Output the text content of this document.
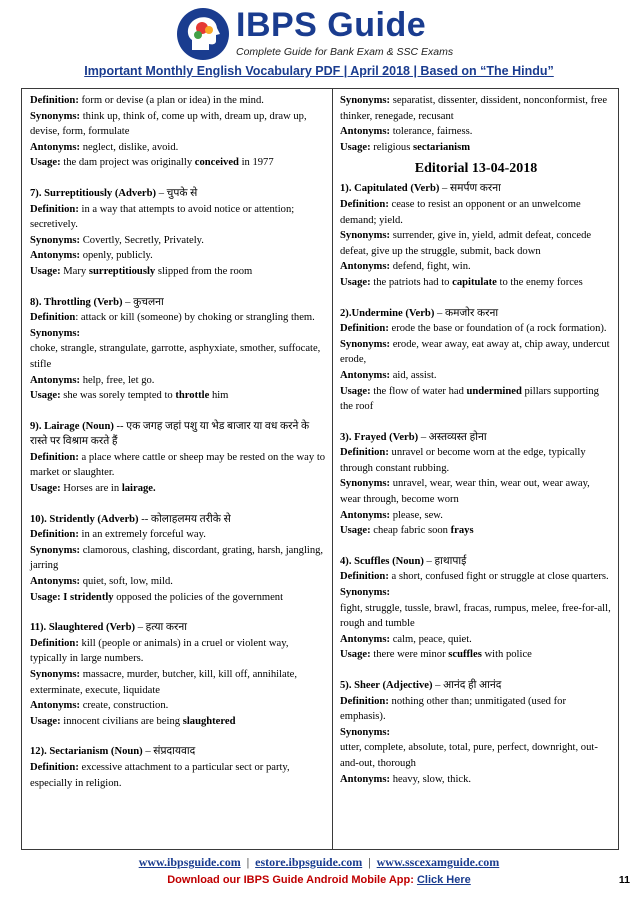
IBPS Guide
Complete Guide for Bank Exam & SSC Exams
Important Monthly English Vocabulary PDF | April 2018 | Based on “The Hindu”

Definition: form or devise (a plan or idea) in the mind.

Synonyms: think up, think of, come up with, dream up, draw up, devise, form, formulate

Antonyms: neglect, dislike, avoid.

Usage: the dam project was originally conceived in 1977

7). Surreptitiously (Adverb) – चुपके से

Definition: in a way that attempts to avoid notice or attention; secretively.

Synonyms: Covertly, Secretly, Privately.

Antonyms: openly, publicly.

Usage: Mary surreptitiously slipped from the room

8). Throttling (Verb) – कुचलना

Definition: attack or kill (someone) by choking or strangling them.

Synonyms:

choke, strangle, strangulate, garrotte, asphyxiate, smother, suffocate, stifle

Antonyms: help, free, let go.

Usage: she was sorely tempted to throttle him

9). Lairage (Noun) -- एक जगह जहां पशु या भेड बाजार या वध करने के रास्ते पर विश्राम करते हैं

Definition: a place where cattle or sheep may be rested on the way to market or slaughter.

Usage: Horses are in lairage.

10). Stridently (Adverb) -- कोलाहलमय तरीके से

Definition: in an extremely forceful way.

Synonyms: clamorous, clashing, discordant, grating, harsh, jangling, jarring

Antonyms: quiet, soft, low, mild.

Usage: I stridently opposed the policies of the government

11). Slaughtered (Verb) – हत्या करना

Definition: kill (people or animals) in a cruel or violent way, typically in large numbers.

Synonyms: massacre, murder, butcher, kill, kill off, annihilate, exterminate, execute, liquidate

Antonyms: create, construction.

Usage: innocent civilians are being slaughtered

12). Sectarianism (Noun) – संप्रदायवाद

Definition: excessive attachment to a particular sect or party, especially in religion.

Synonyms: separatist, dissenter, dissident, nonconformist, free thinker, renegade, recusant

Antonyms: tolerance, fairness.

Usage: religious sectarianism

Editorial 13-04-2018

1). Capitulated (Verb) – समर्पण करना

Definition: cease to resist an opponent or an unwelcome demand; yield.

Synonyms: surrender, give in, yield, admit defeat, concede defeat, give up the struggle, submit, back down

Antonyms: defend, fight, win.

Usage: the patriots had to capitulate to the enemy forces

2).Undermine (Verb) – कमजोर करना

Definition: erode the base or foundation of (a rock formation).

Synonyms: erode, wear away, eat away at, chip away, undercut erode,

Antonyms: aid, assist.

Usage: the flow of water had undermined pillars supporting the roof

3). Frayed (Verb) – अस्तव्यस्त होना

Definition: unravel or become worn at the edge, typically through constant rubbing.

Synonyms: unravel, wear, wear thin, wear out, wear away, wear through, become worn

Antonyms: please, sew.

Usage: cheap fabric soon frays

4). Scuffles (Noun) – हाथापाई

Definition: a short, confused fight or struggle at close quarters.

Synonyms:

fight, struggle, tussle, brawl, fracas, rumpus, melee, free-for-all, rough and tumble

Antonyms: calm, peace, quiet.

Usage: there were minor scuffles with police

5). Sheer (Adjective) – आनंद ही आनंद

Definition: nothing other than; unmitigated (used for emphasis).

Synonyms:

utter, complete, absolute, total, pure, perfect, downright, out-and-out, thorough

Antonyms: heavy, slow, thick.

www.ibpsguide.com | estore.ibpsguide.com | www.sscexamguide.com
Download our IBPS Guide Android Mobile App: Click Here	11
